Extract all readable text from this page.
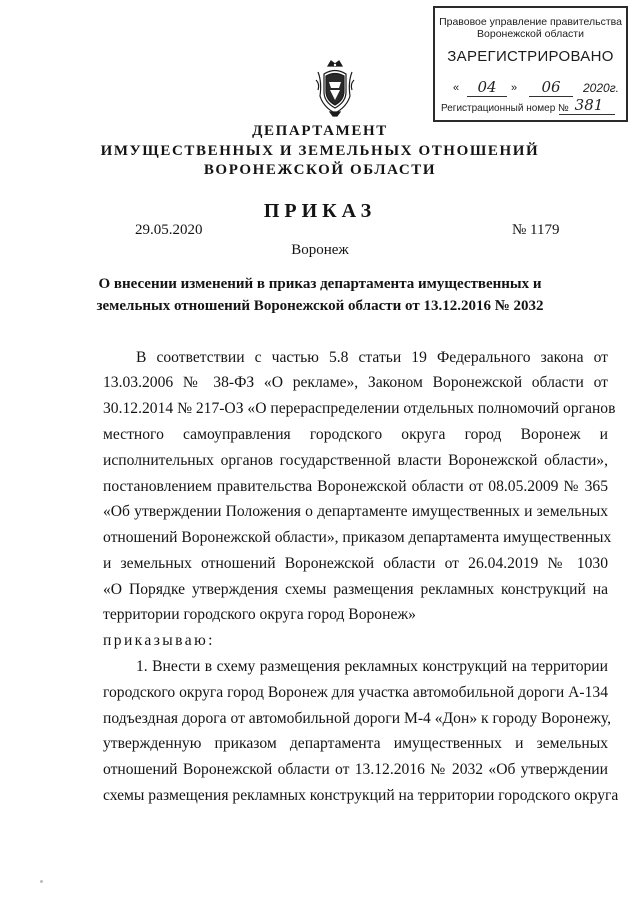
Правовое управление правительства
Воронежской области
ЗАРЕГИСТРИРОВАНО
«	04	»	06	2020г.
Регистрационный номер № 381
ДЕПАРТАМЕНТ
ИМУЩЕСТВЕННЫХ И ЗЕМЕЛЬНЫХ ОТНОШЕНИЙ
ВОРОНЕЖСКОЙ ОБЛАСТИ
ПРИКАЗ
29.05.2020	№ 1179
Воронеж
О внесении изменений в приказ департамента имущественных и
земельных отношений Воронежской области от 13.12.2016 № 2032
В соответствии с частью 5.8 статьи 19 Федерального закона от
13.03.2006 № 38-ФЗ «О рекламе», Законом Воронежской области от
30.12.2014 № 217-ОЗ «О перераспределении отдельных полномочий органов
местного самоуправления городского округа город Воронеж и
исполнительных органов государственной власти Воронежской области»,
постановлением правительства Воронежской области от 08.05.2009 № 365
«Об утверждении Положения о департаменте имущественных и земельных
отношений Воронежской области», приказом департамента имущественных
и земельных отношений Воронежской области от 26.04.2019 № 1030
«О Порядке утверждения схемы размещения рекламных конструкций на
территории городского округа город Воронеж»
приказываю:
1. Внести в схему размещения рекламных конструкций на территории
городского округа город Воронеж для участка автомобильной дороги А-134
подъездная дорога от автомобильной дороги М-4 «Дон» к городу Воронежу,
утвержденную приказом департамента имущественных и земельных
отношений Воронежской области от 13.12.2016 № 2032 «Об утверждении
схемы размещения рекламных конструкций на территории городского округа
